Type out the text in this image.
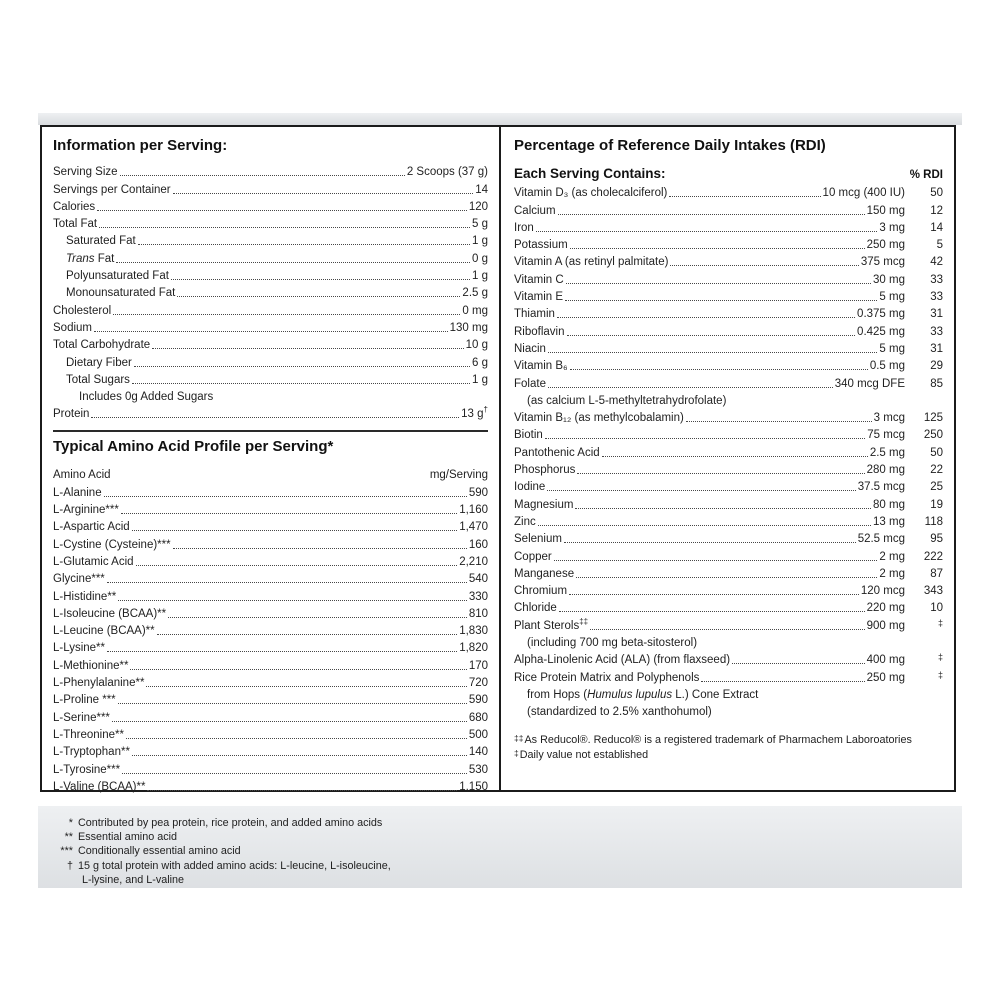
Information per Serving:
Serving Size	2 Scoops (37 g)
Servings per Container	14
Calories	120
Total Fat	5 g
Saturated Fat	1 g
Trans Fat	0 g
Polyunsaturated Fat	1 g
Monounsaturated Fat	2.5 g
Cholesterol	0 mg
Sodium	130 mg
Total Carbohydrate	10 g
Dietary Fiber	6 g
Total Sugars	1 g
Includes 0g Added Sugars
Protein	13 g†
Typical Amino Acid Profile per Serving*
Amino Acid	mg/Serving
L-Alanine	590
L-Arginine***	1,160
L-Aspartic Acid	1,470
L-Cystine (Cysteine)***	160
L-Glutamic Acid	2,210
Glycine***	540
L-Histidine**	330
L-Isoleucine (BCAA)**	810
L-Leucine (BCAA)**	1,830
L-Lysine**	1,820
L-Methionine**	170
L-Phenylalanine**	720
L-Proline ***	590
L-Serine***	680
L-Threonine**	500
L-Tryptophan**	140
L-Tyrosine***	530
L-Valine (BCAA)**	1,150
Percentage of Reference Daily Intakes (RDI)
Each Serving Contains:	% RDI
Vitamin D₃ (as cholecalciferol)	10 mcg (400 IU)	50
Calcium	150 mg	12
Iron	3 mg	14
Potassium	250 mg	5
Vitamin A (as retinyl palmitate)	375 mcg	42
Vitamin C	30 mg	33
Vitamin E	5 mg	33
Thiamin	0.375 mg	31
Riboflavin	0.425 mg	33
Niacin	5 mg	31
Vitamin B₆	0.5 mg	29
Folate	340 mcg DFE	85
(as calcium L-5-methyltetrahydrofolate)
Vitamin B₁₂ (as methylcobalamin)	3 mcg	125
Biotin	75 mcg	250
Pantothenic Acid	2.5 mg	50
Phosphorus	280 mg	22
Iodine	37.5 mcg	25
Magnesium	80 mg	19
Zinc	13 mg	118
Selenium	52.5 mcg	95
Copper	2 mg	222
Manganese	2 mg	87
Chromium	120 mcg	343
Chloride	220 mg	10
Plant Sterols‡‡	900 mg	‡
(including 700 mg beta-sitosterol)
Alpha-Linolenic Acid (ALA) (from flaxseed)	400 mg	‡
Rice Protein Matrix and Polyphenols	250 mg	‡
from Hops (Humulus lupulus L.) Cone Extract
(standardized to 2.5% xanthohumol)
‡‡ As Reducol®. Reducol® is a registered trademark of Pharmachem Laboroatories
‡ Daily value not established
* Contributed by pea protein, rice protein, and added amino acids
** Essential amino acid
*** Conditionally essential amino acid
† 15 g total protein with added amino acids: L-leucine, L-isoleucine,
L-lysine, and L-valine
